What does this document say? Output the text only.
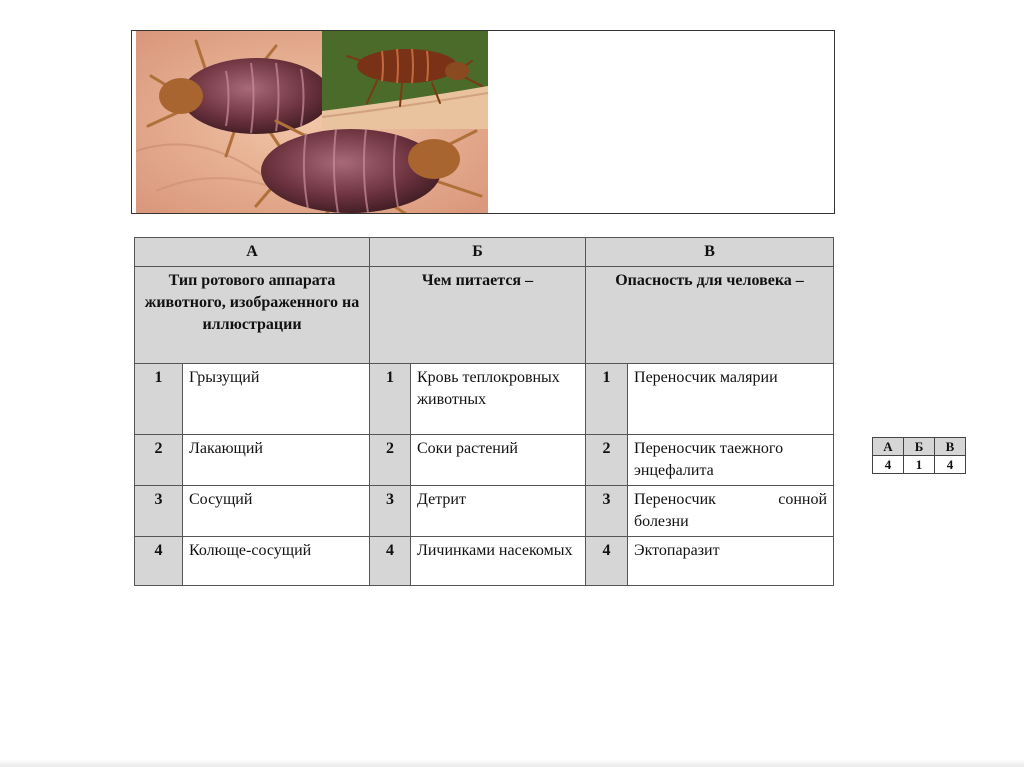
А		Б		В	
Тип ротового аппарата животного, изображенного на иллюстрации		Чем питается –		Опасность для человека –	
1	Грызущий	1	Кровь теплокровных животных	1	Переносчик малярии
2	Лакающий	2	Соки растений	2	Переносчик таежного энцефалита
3	Сосущий	3	Детрит	3	Переносчик сонной болезни
4	Колюще-сосущий	4	Личинками насекомых	4	Эктопаразит
А	Б	В
4	1	4
